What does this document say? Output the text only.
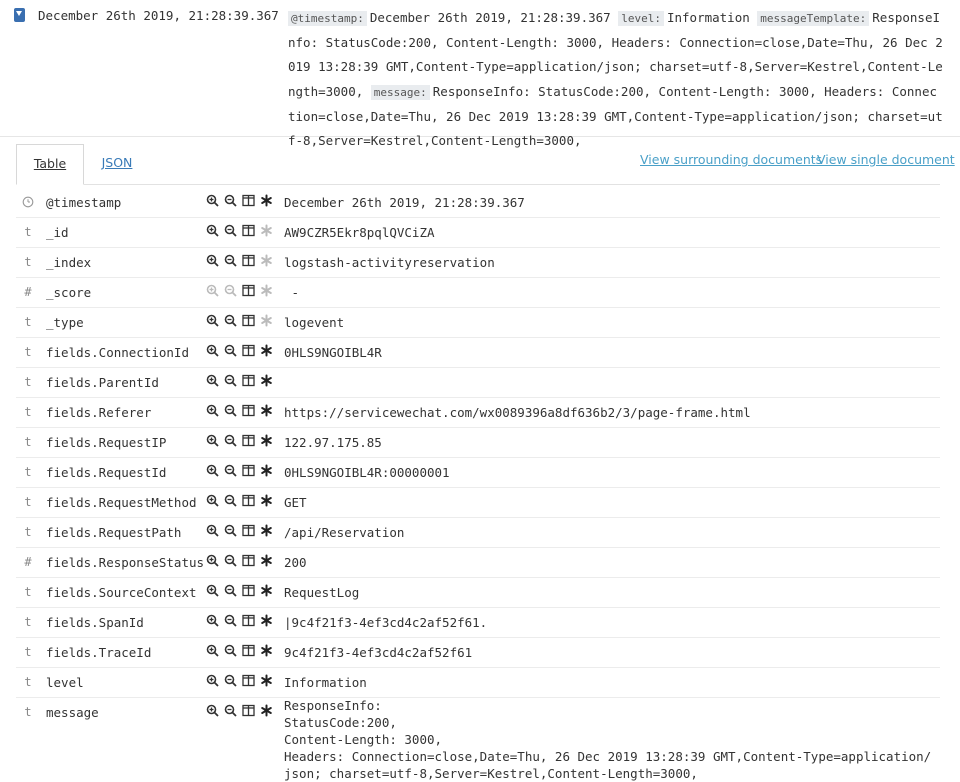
December 26th 2019, 21:28:39.367 @timestamp: December 26th 2019, 21:28:39.367 level: Information messageTemplate: ResponseInfo: StatusCode:200, Content-Length: 3000, Headers: Connection=close,Date=Thu, 26 Dec 2019 13:28:39 GMT,Content-Type=application/json; charset=utf-8,Server=Kestrel,Content-Length=3000, message: ResponseInfo: StatusCode:200, Content-Length: 3000, Headers: Connection=close,Date=Thu, 26 Dec 2019 13:28:39 GMT,Content-Type=application/json; charset=utf-8,Server=Kestrel,Content-Length=3000,
Table	JSON	View surrounding documents
View single document
@timestamp	December 26th 2019, 21:28:39.367
t _id	AW9CZR5Ekr8pqlQVCiZA
t _index	logstash-activityreservation
# _score	-
t _type	logevent
t fields.ConnectionId	0HLS9NGOIBL4R
t fields.ParentId
t fields.Referer	https://servicewechat.com/wx0089396a8df636b2/3/page-frame.html
t fields.RequestIP	122.97.175.85
t fields.RequestId	0HLS9NGOIBL4R:00000001
t fields.RequestMethod	GET
t fields.RequestPath	/api/Reservation
# fields.ResponseStatus	200
t fields.SourceContext	RequestLog
t fields.SpanId	|9c4f21f3-4ef3cd4c2af52f61.
t fields.TraceId	9c4f21f3-4ef3cd4c2af52f61
t level	Information
t message	ResponseInfo:
StatusCode:200,
Content-Length: 3000,
Headers: Connection=close,Date=Thu, 26 Dec 2019 13:28:39 GMT,Content-Type=application/json; charset=utf-8,Server=Kestrel,Content-Length=3000,
